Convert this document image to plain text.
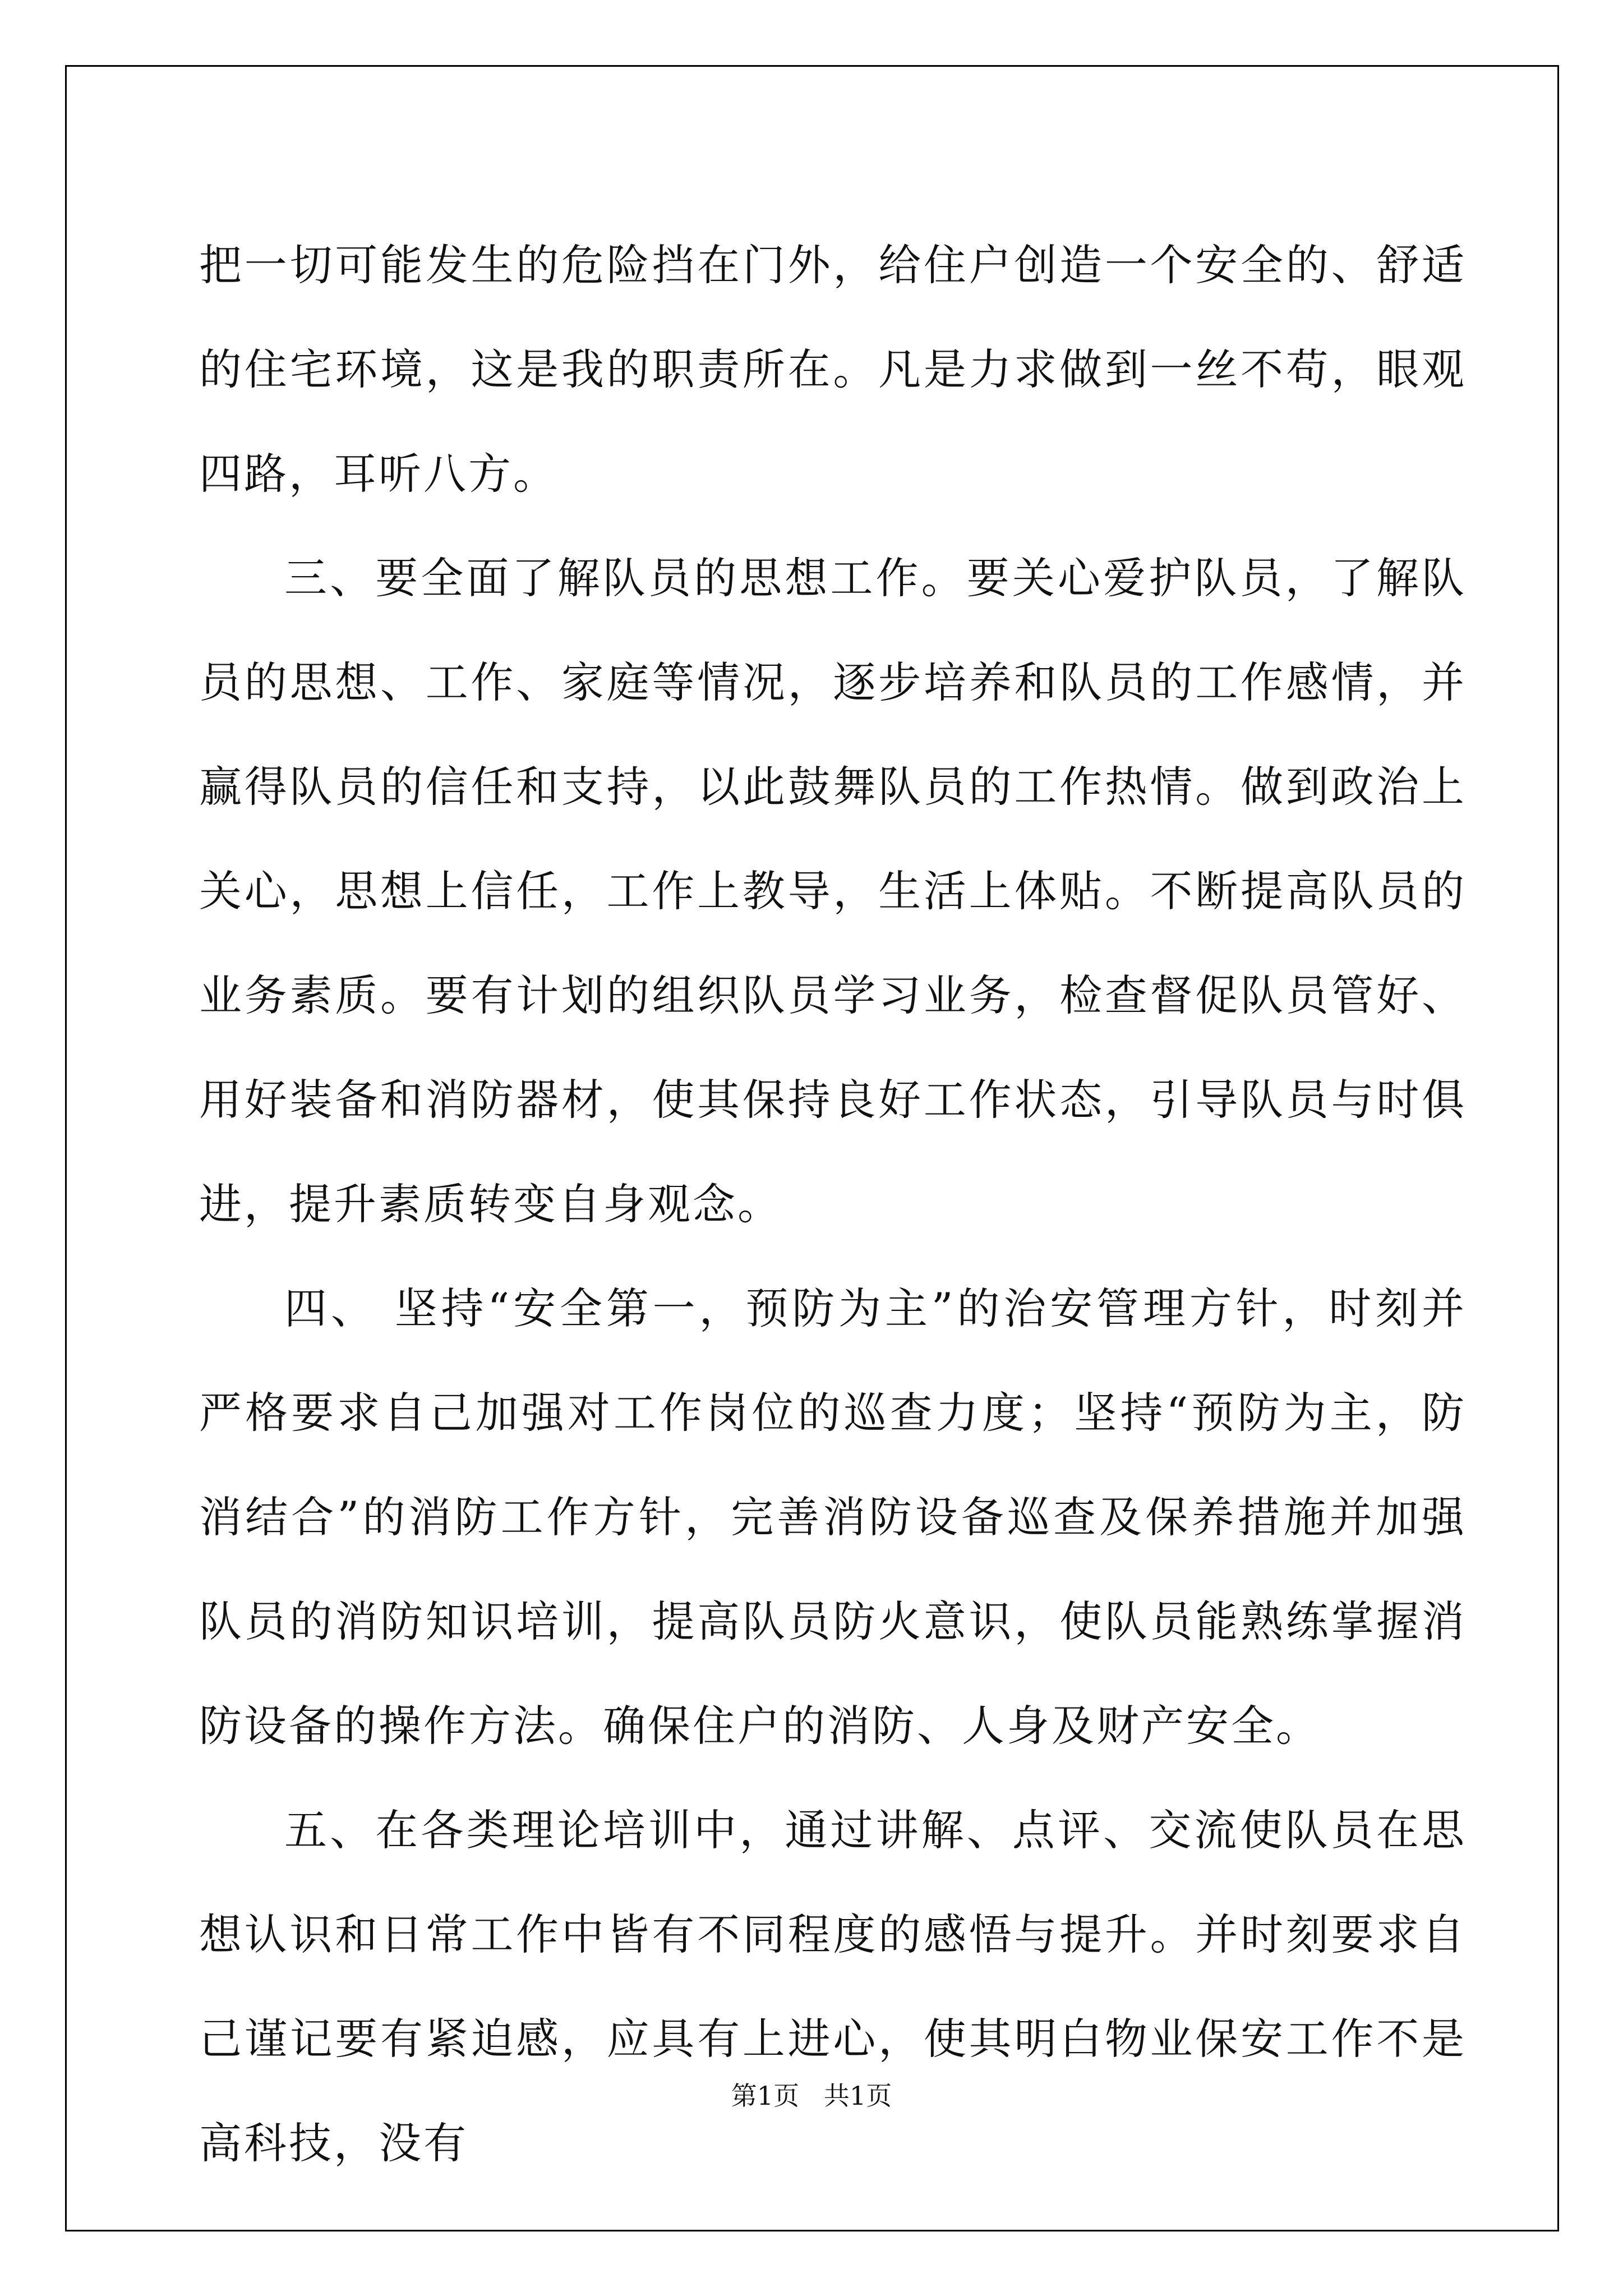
把一切可能发生的危险挡在门外，给住户创造一个安全的、舒适的住宅环境，这是我的职责所在。凡是力求做到一丝不苟，眼观四路，耳听八方。

三、要全面了解队员的思想工作。要关心爱护队员，了解队员的思想、工作、家庭等情况，逐步培养和队员的工作感情，并赢得队员的信任和支持，以此鼓舞队员的工作热情。做到政治上关心，思想上信任，工作上教导，生活上体贴。不断提高队员的业务素质。要有计划的组织队员学习业务，检查督促队员管好、用好装备和消防器材，使其保持良好工作状态，引导队员与时俱进，提升素质转变自身观念。

四、 坚持“安全第一，预防为主”的治安管理方针，时刻并严格要求自己加强对工作岗位的巡查力度；坚持“预防为主，防消结合”的消防工作方针，完善消防设备巡查及保养措施并加强队员的消防知识培训，提高队员防火意识，使队员能熟练掌握消防设备的操作方法。确保住户的消防、人身及财产安全。

五、在各类理论培训中，通过讲解、点评、交流使队员在思想认识和日常工作中皆有不同程度的感悟与提升。并时刻要求自己谨记要有紧迫感，应具有上进心，使其明白物业保安工作不是高科技，没有

第1页   共1页
